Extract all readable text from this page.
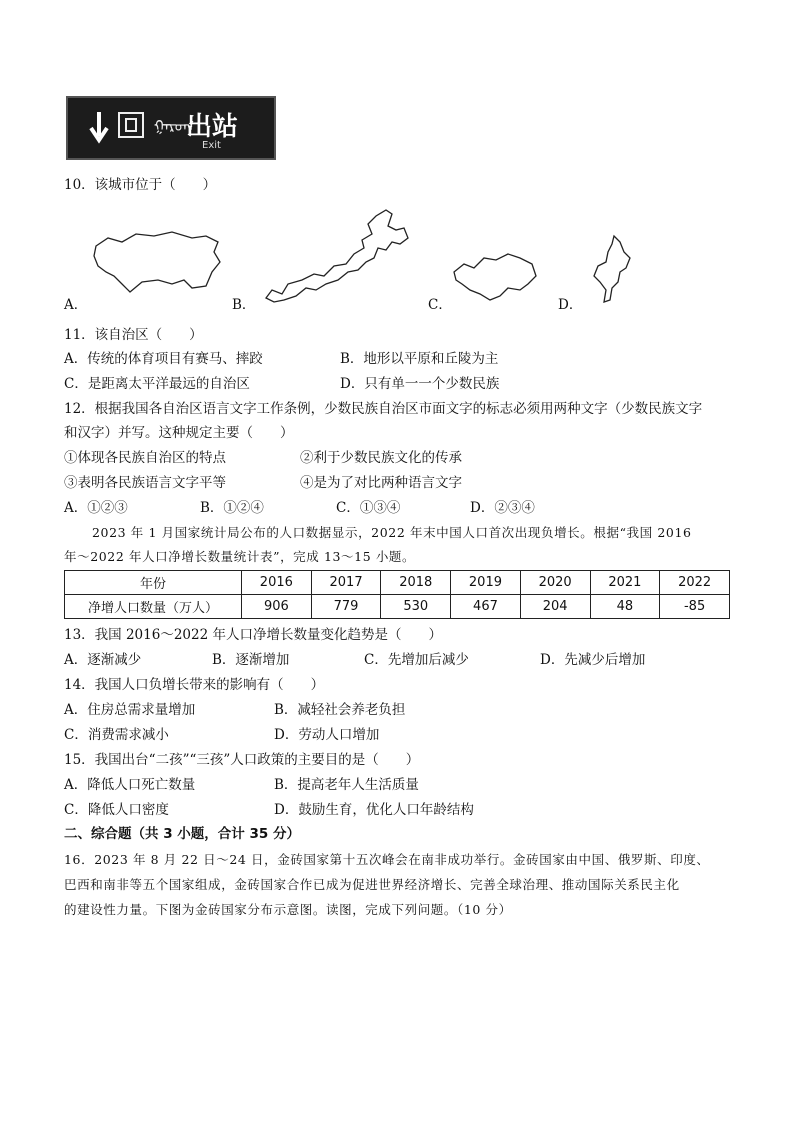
ᠭᠠᠷᠤᠭ
出站
Exit
10．该城市位于（　　）
A．	B．	C．	D．
11．该自治区（　　）
A．传统的体育项目有赛马、摔跤	B．地形以平原和丘陵为主
C．是距离太平洋最远的自治区	D．只有单一一个少数民族
12．根据我国各自治区语言文字工作条例，少数民族自治区市面文字的标志必须用两种文字（少数民族文字
和汉字）并写。这种规定主要（　　）
①体现各民族自治区的特点	②利于少数民族文化的传承
③表明各民族语言文字平等	④是为了对比两种语言文字
A．①②③	B．①②④	C．①③④	D．②③④
2023 年 1 月国家统计局公布的人口数据显示，2022 年末中国人口首次出现负增长。根据“我国 2016
年～2022 年人口净增长数量统计表”，完成 13～15 小题。
年份	2016	2017	2018	2019	2020	2021	2022
净增人口数量（万人）	906	779	530	467	204	48	-85
13．我国 2016～2022 年人口净增长数量变化趋势是（　　）
A．逐渐减少	B．逐渐增加	C．先增加后减少	D．先减少后增加
14．我国人口负增长带来的影响有（　　）
A．住房总需求量增加	B．减轻社会养老负担
C．消费需求减小	D．劳动人口增加
15．我国出台“二孩”“三孩”人口政策的主要目的是（　　）
A．降低人口死亡数量	B．提高老年人生活质量
C．降低人口密度	D．鼓励生育，优化人口年龄结构
二、综合题（共 3 小题，合计 35 分）
16．2023 年 8 月 22 日～24 日，金砖国家第十五次峰会在南非成功举行。金砖国家由中国、俄罗斯、印度、
巴西和南非等五个国家组成，金砖国家合作已成为促进世界经济增长、完善全球治理、推动国际关系民主化
的建设性力量。下图为金砖国家分布示意图。读图，完成下列问题。（10 分）
